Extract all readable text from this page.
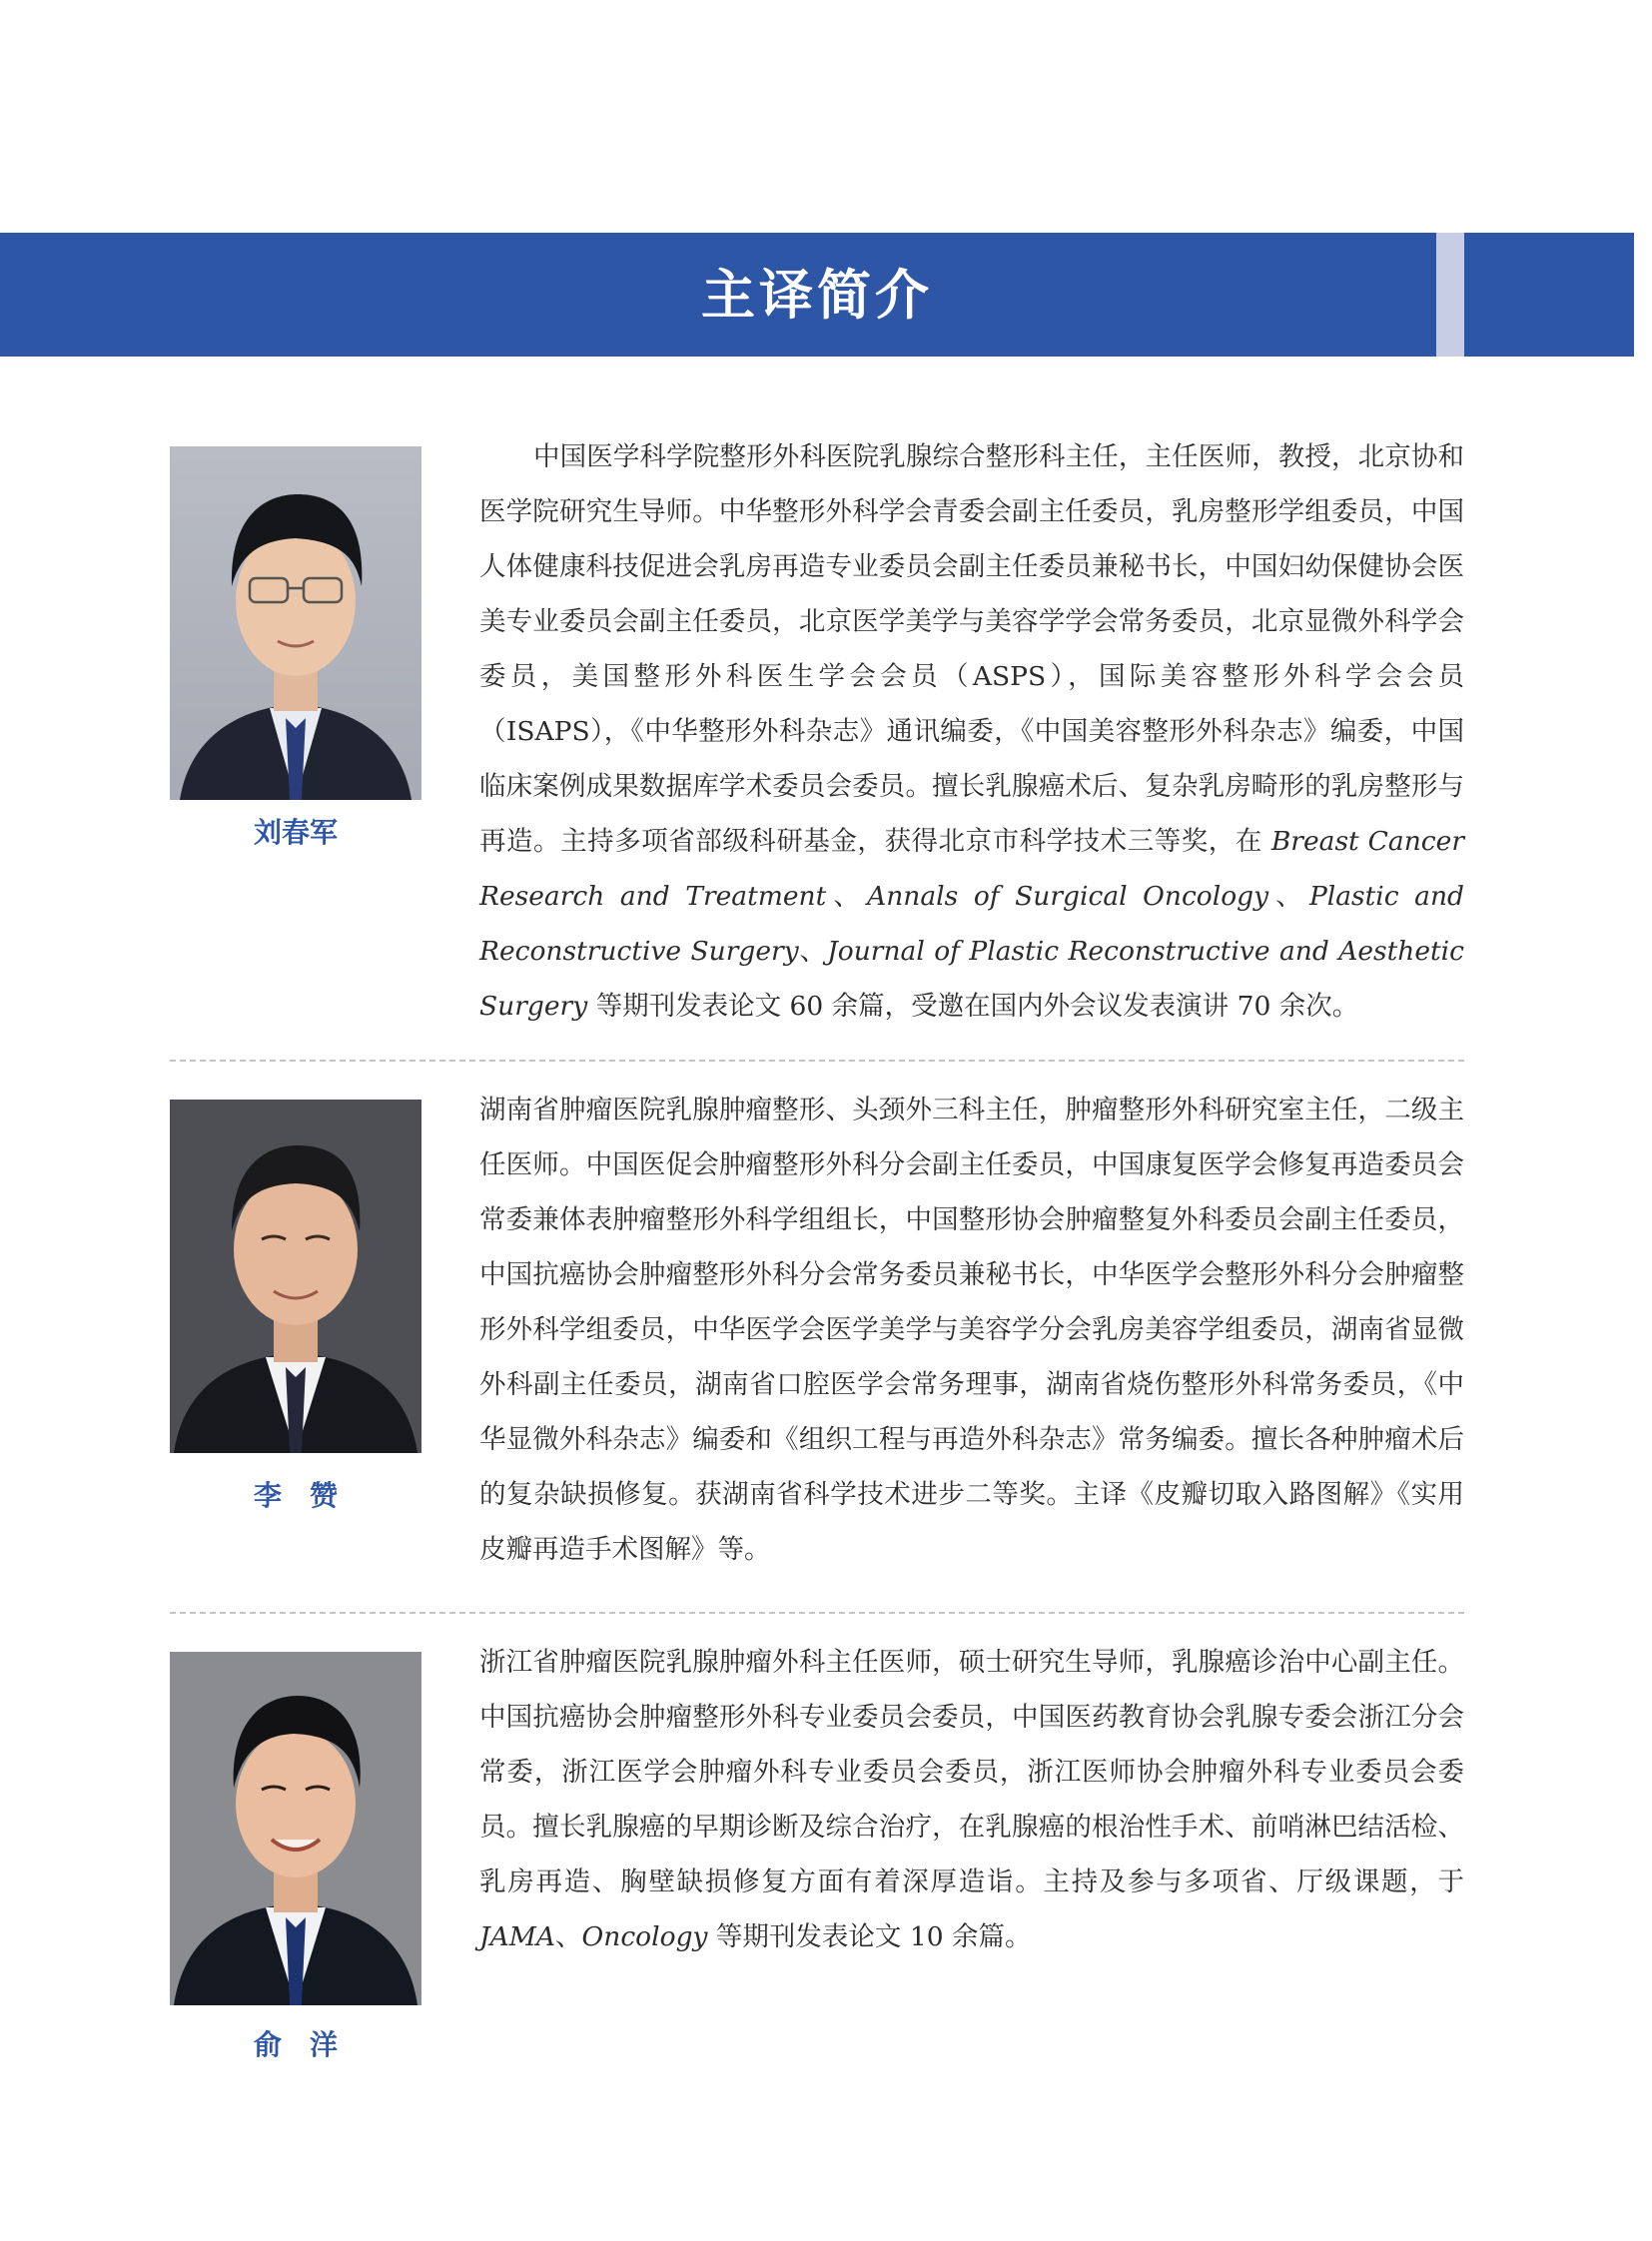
主译简介
刘春军

中国医学科学院整形外科医院乳腺综合整形科主任，主任医师，教授，北京协和医学院研究生导师。中华整形外科学会青委会副主任委员，乳房整形学组委员，中国人体健康科技促进会乳房再造专业委员会副主任委员兼秘书长，中国妇幼保健协会医美专业委员会副主任委员，北京医学美学与美容学学会常务委员，北京显微外科学会委员，美国整形外科医生学会会员（ASPS），国际美容整形外科学会会员（ISAPS），《中华整形外科杂志》通讯编委，《中国美容整形外科杂志》编委，中国临床案例成果数据库学术委员会委员。擅长乳腺癌术后、复杂乳房畸形的乳房整形与再造。主持多项省部级科研基金，获得北京市科学技术三等奖，在 Breast Cancer Research and Treatment、Annals of Surgical Oncology、Plastic and Reconstructive Surgery、Journal of Plastic Reconstructive and Aesthetic Surgery 等期刊发表论文 60 余篇，受邀在国内外会议发表演讲 70 余次。

李　赞

湖南省肿瘤医院乳腺肿瘤整形、头颈外三科主任，肿瘤整形外科研究室主任，二级主任医师。中国医促会肿瘤整形外科分会副主任委员，中国康复医学会修复再造委员会常委兼体表肿瘤整形外科学组组长，中国整形协会肿瘤整复外科委员会副主任委员，中国抗癌协会肿瘤整形外科分会常务委员兼秘书长，中华医学会整形外科分会肿瘤整形外科学组委员，中华医学会医学美学与美容学分会乳房美容学组委员，湖南省显微外科副主任委员，湖南省口腔医学会常务理事，湖南省烧伤整形外科常务委员，《中华显微外科杂志》编委和《组织工程与再造外科杂志》常务编委。擅长各种肿瘤术后的复杂缺损修复。获湖南省科学技术进步二等奖。主译《皮瓣切取入路图解》《实用皮瓣再造手术图解》等。

俞　洋

浙江省肿瘤医院乳腺肿瘤外科主任医师，硕士研究生导师，乳腺癌诊治中心副主任。中国抗癌协会肿瘤整形外科专业委员会委员，中国医药教育协会乳腺专委会浙江分会常委，浙江医学会肿瘤外科专业委员会委员，浙江医师协会肿瘤外科专业委员会委员。擅长乳腺癌的早期诊断及综合治疗，在乳腺癌的根治性手术、前哨淋巴结活检、乳房再造、胸壁缺损修复方面有着深厚造诣。主持及参与多项省、厅级课题，于 JAMA、Oncology 等期刊发表论文 10 余篇。
